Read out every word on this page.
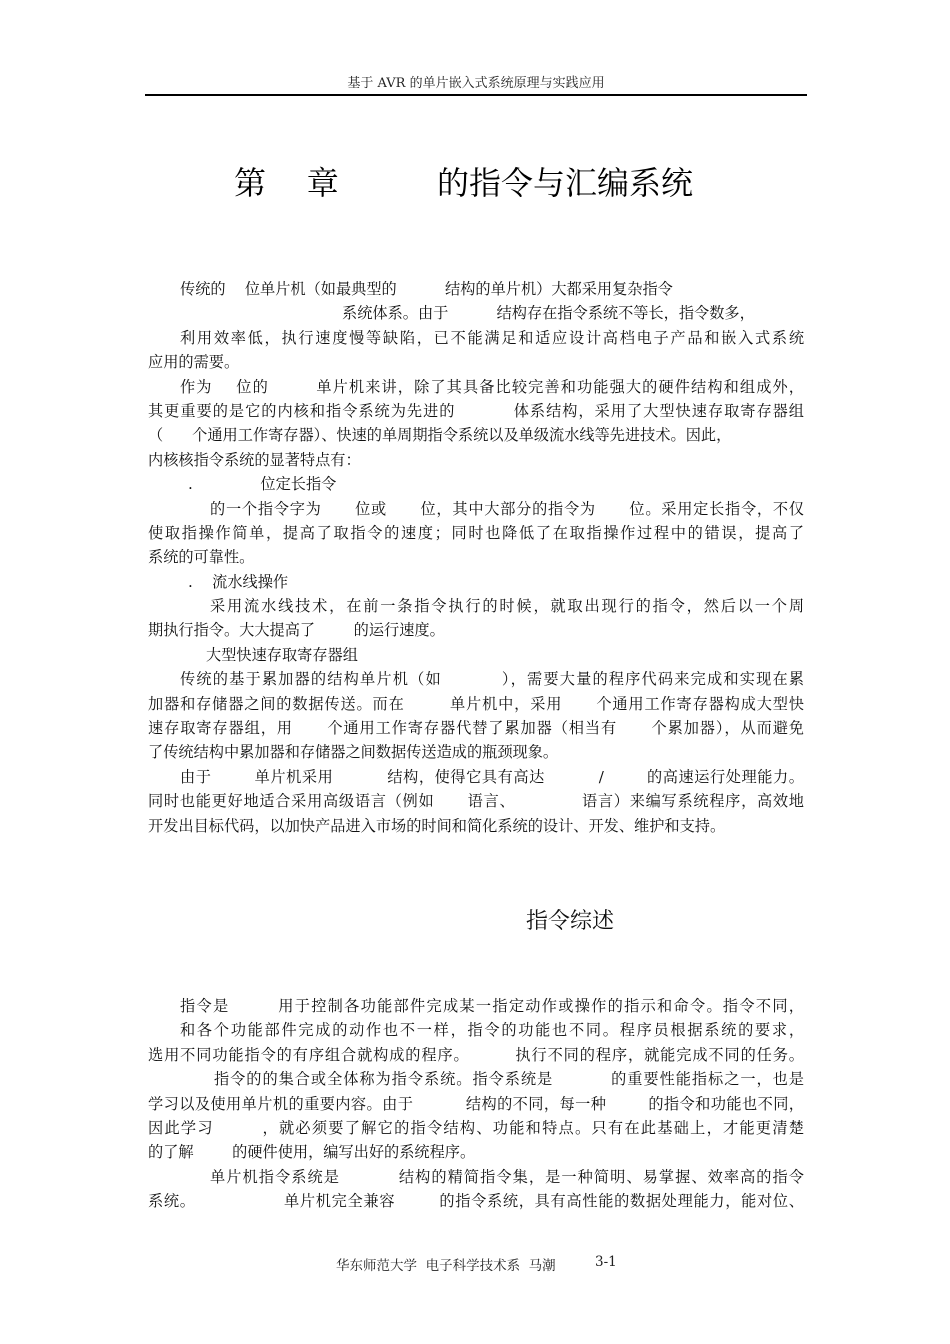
基于 AVR 的单片嵌入式系统原理与实践应用
第    章	的指令与汇编系统
传统的    位单片机（如最典型的          结构的单片机）大都采用复杂指令
系统体系。由于          结构存在指令系统不等长，指令数多，
利用效率低，执行速度慢等缺陷，已不能满足和适应设计高档电子产品和嵌入式系统
应用的需要。
作为    位的        单片机来讲，除了其具备比较完善和功能强大的硬件结构和组成外，
其更重要的是它的内核和指令系统为先进的          体系结构，采用了大型快速存取寄存器组
（      个通用工作寄存器）、快速的单周期指令系统以及单级流水线等先进技术。因此，
内核核指令系统的显著特点有：
.              位定长指令
的一个指令字为      位或      位，其中大部分的指令为      位。采用定长指令，不仅
使取指操作简单，提高了取指令的速度；同时也降低了在取指操作过程中的错误，提高了
系统的可靠性。
.    流水线操作
采用流水线技术，在前一条指令执行的时候，就取出现行的指令，然后以一个周
期执行指令。大大提高了        的运行速度。
大型快速存取寄存器组
传统的基于累加器的结构单片机（如          ），需要大量的程序代码来完成和实现在累
加器和存储器之间的数据传送。而在        单片机中，采用      个通用工作寄存器构成大型快
速存取寄存器组，用      个通用工作寄存器代替了累加器（相当有      个累加器），从而避免
了传统结构中累加器和存储器之间数据传送造成的瓶颈现象。
由于        单片机采用          结构，使得它具有高达          /        的高速运行处理能力。
同时也能更好地适合采用高级语言（例如      语言、            语言）来编写系统程序，高效地
开发出目标代码，以加快产品进入市场的时间和简化系统的设计、开发、维护和支持。
指令综述
指令是        用于控制各功能部件完成某一指定动作或操作的指示和命令。指令不同，
和各个功能部件完成的动作也不一样，指令的功能也不同。程序员根据系统的要求，
选用不同功能指令的有序组合就构成的程序。        执行不同的程序，就能完成不同的任务。
指令的的集合或全体称为指令系统。指令系统是          的重要性能指标之一，也是
学习以及使用单片机的重要内容。由于          结构的不同，每一种        的指令和功能也不同，
因此学习        ，就必须要了解它的指令结构、功能和特点。只有在此基础上，才能更清楚
的了解        的硬件使用，编写出好的系统程序。
单片机指令系统是          结构的精简指令集，是一种简明、易掌握、效率高的指令
系统。                单片机完全兼容        的指令系统，具有高性能的数据处理能力，能对位、
华东师范大学  电子科学技术系  马潮	3-1
